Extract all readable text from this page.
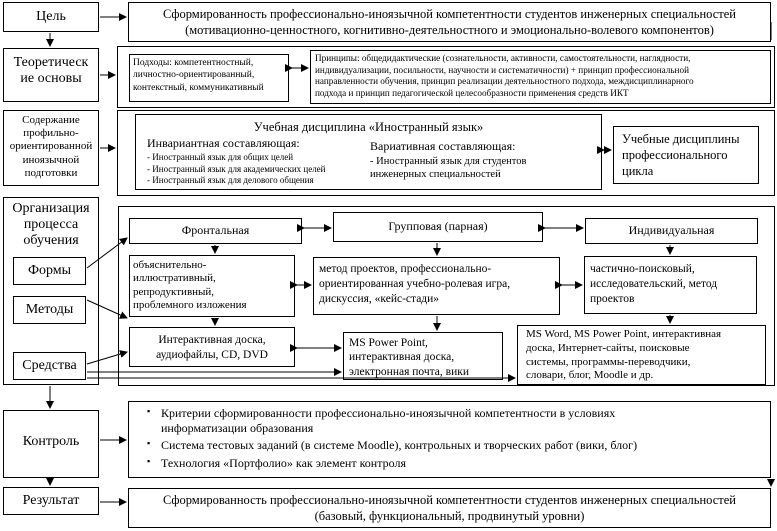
Цель
Теоретическ
ие основы
Содержание
профильно-
ориентированной
иноязычной
подготовки
Организация
процесса
обучения
Формы
Методы
Средства
Контроль
Результат
Сформированность профессионально-иноязычной компетентности студентов инженерных специальностей
(мотивационно-ценностного, когнитивно-деятельностного и эмоционально-волевого компонентов)
Подходы: компетентностный,
личностно-ориентированный,
контекстный, коммуникативный
Принципы: общедидактические (сознательности, активности, самостоятельности, наглядности,
индивидуализации, посильности, научности и систематичности) + принцип профессиональной
направленности обучения, принцип реализации деятельностного подхода, междисциплинарного
подхода и принцип педагогической целесообразности применения средств ИКТ
Учебная дисциплина «Иностранный язык»
Инвариантная составляющая:
- Иностранный язык для общих целей
- Иностранный язык для академических целей
- Иностранный язык для делового общения
Вариативная составляющая:
- Иностранный язык для студентов
инженерных специальностей
Учебные дисциплины
профессионального
цикла
Фронтальная	Групповая (парная)	Индивидуальная
объяснительно-
иллюстративный,
репродуктивный,
проблемного изложения
метод проектов, профессионально-
ориентированная учебно-ролевая игра,
дискуссия, «кейс-стади»
частично-поисковый,
исследовательский, метод
проектов
Интерактивная доска,
аудиофайлы, CD, DVD
MS Power Point,
интерактивная доска,
электронная почта, вики
MS Word, MS Power Point, интерактивная
доска, Интернет-сайты, поисковые
системы, программы-переводчики,
словари, блог, Moodle и др.
▪ Критерии сформированности профессионально-иноязычной компетентности в условиях
информатизации образования
▪ Система тестовых заданий (в системе Moodle), контрольных и творческих работ (вики, блог)
▪ Технология «Портфолио» как элемент контроля
Сформированность профессионально-иноязычной компетентности студентов инженерных специальностей
(базовый, функциональный, продвинутый уровни)
